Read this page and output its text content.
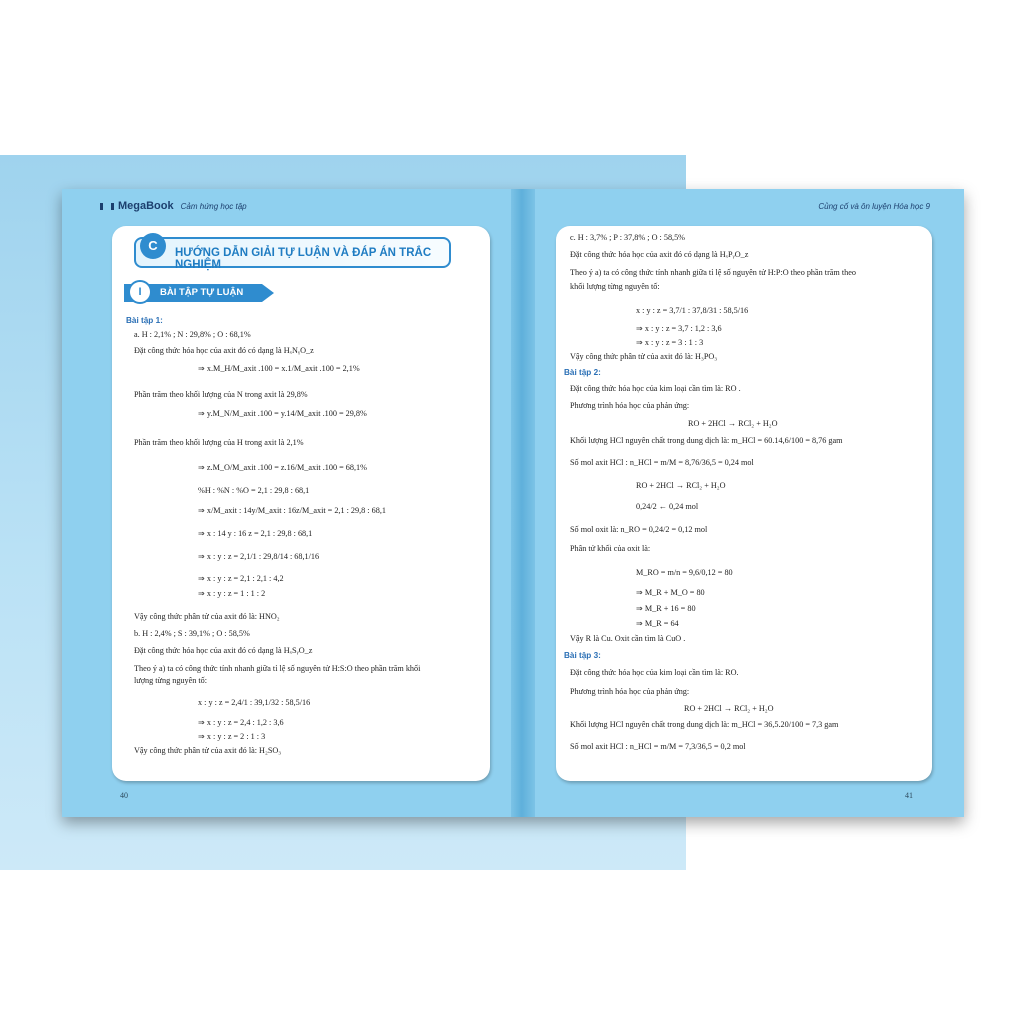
MegaBook Cảm hứng học tập	Củng cố và ôn luyện Hóa học 9
C	HƯỚNG DẪN GIẢI TỰ LUẬN VÀ ĐÁP ÁN TRẮC NGHIỆM
I	BÀI TẬP TỰ LUẬN
Bài tập 1:
a. H : 2,1% ; N : 29,8% ; O : 68,1%
Đặt công thức hóa học của axit đó có dạng là HₓNᵧO_z
⇒ x.M_H/M_axit .100 = x.1/M_axit .100 = 2,1%
Phần trăm theo khối lượng của N trong axit là 29,8%
⇒ y.M_N/M_axit .100 = y.14/M_axit .100 = 29,8%
Phần trăm theo khối lượng của H trong axit là 2,1%
⇒ z.M_O/M_axit .100 = z.16/M_axit .100 = 68,1%
%H : %N : %O = 2,1 : 29,8 : 68,1
⇒ x/M_axit : 14y/M_axit : 16z/M_axit = 2,1 : 29,8 : 68,1
⇒ x : 14 y : 16 z = 2,1 : 29,8 : 68,1
⇒ x : y : z = 2,1/1 : 29,8/14 : 68,1/16
⇒ x : y : z = 2,1 : 2,1 : 4,2
⇒ x : y : z = 1 : 1 : 2
Vậy công thức phân tử của axit đó là: HNO₂
b. H : 2,4% ; S : 39,1% ; O : 58,5%
Đặt công thức hóa học của axit đó có dạng là HₓSᵧO_z
Theo ý a) ta có công thức tính nhanh giữa tỉ lệ số nguyên tử H:S:O theo phần trăm khối
lượng từng nguyên tố:
x : y : z = 2,4/1 : 39,1/32 : 58,5/16
⇒ x : y : z = 2,4 : 1,2 : 3,6
⇒ x : y : z = 2 : 1 : 3
Vậy công thức phân tử của axit đó là: H₂SO₃
c. H : 3,7% ; P : 37,8% ; O : 58,5%
Đặt công thức hóa học của axit đó có dạng là HₓPᵧO_z
Theo ý a) ta có công thức tính nhanh giữa tỉ lệ số nguyên tử H:P:O theo phần trăm theo
khối lượng từng nguyên tố:
x : y : z = 3,7/1 : 37,8/31 : 58,5/16
⇒ x : y : z = 3,7 : 1,2 : 3,6
⇒ x : y : z = 3 : 1 : 3
Vậy công thức phân tử của axit đó là: H₃PO₃
Bài tập 2:
Đặt công thức hóa học của kim loại cần tìm là: RO .
Phương trình hóa học của phản ứng:
RO + 2HCl → RCl₂ + H₂O
Khối lượng HCl nguyên chất trong dung dịch là: m_HCl = 60.14,6/100 = 8,76 gam
Số mol axit HCl : n_HCl = m/M = 8,76/36,5 = 0,24 mol
RO + 2HCl → RCl₂ + H₂O
0,24/2 ← 0,24 mol
Số mol oxit là: n_RO = 0,24/2 = 0,12 mol
Phân tử khối của oxit là:
M_RO = m/n = 9,6/0,12 = 80
⇒ M_R + M_O = 80
⇒ M_R + 16 = 80
⇒ M_R = 64
Vậy R là Cu. Oxit cần tìm là CuO .
Bài tập 3:
Đặt công thức hóa học của kim loại cần tìm là: RO.
Phương trình hóa học của phản ứng:
RO + 2HCl → RCl₂ + H₂O
Khối lượng HCl nguyên chất trong dung dịch là: m_HCl = 36,5.20/100 = 7,3 gam
Số mol axit HCl : n_HCl = m/M = 7,3/36,5 = 0,2 mol
40	41
